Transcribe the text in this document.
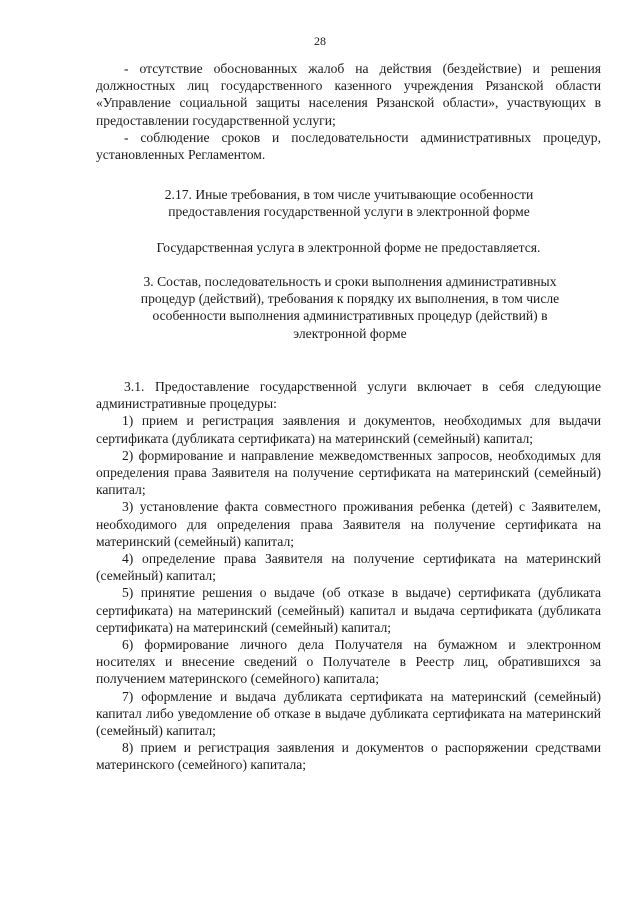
28

- отсутствие обоснованных жалоб на действия (бездействие) и решения должностных лиц государственного казенного учреждения Рязанской области «Управление социальной защиты населения Рязанской области», участвующих в предоставлении государственной услуги;

- соблюдение сроков и последовательности административных процедур, установленных Регламентом.

2.17. Иные требования, в том числе учитывающие особенности предоставления государственной услуги в электронной форме
Государственная услуга в электронной форме не предоставляется.
3. Состав, последовательность и сроки выполнения административных процедур (действий), требования к порядку их выполнения, в том числе особенности выполнения административных процедур (действий) в электронной форме

3.1. Предоставление государственной услуги включает в себя следующие административные процедуры:

1) прием и регистрация заявления и документов, необходимых для выдачи сертификата (дубликата сертификата) на материнский (семейный) капитал;

2) формирование и направление межведомственных запросов, необходимых для определения права Заявителя на получение сертификата на материнский (семейный) капитал;

3) установление факта совместного проживания ребенка (детей) с Заявителем, необходимого для определения права Заявителя на получение сертификата на материнский (семейный) капитал;

4) определение права Заявителя на получение сертификата на материнский (семейный) капитал;

5) принятие решения о выдаче (об отказе в выдаче) сертификата (дубликата сертификата) на материнский (семейный) капитал и выдача сертификата (дубликата сертификата) на материнский (семейный) капитал;

6) формирование личного дела Получателя на бумажном и электронном носителях и внесение сведений о Получателе в Реестр лиц, обратившихся за получением материнского (семейного) капитала;

7) оформление и выдача дубликата сертификата на материнский (семейный) капитал либо уведомление об отказе в выдаче дубликата сертификата на материнский (семейный) капитал;

8) прием и регистрация заявления и документов о распоряжении средствами материнского (семейного) капитала;
